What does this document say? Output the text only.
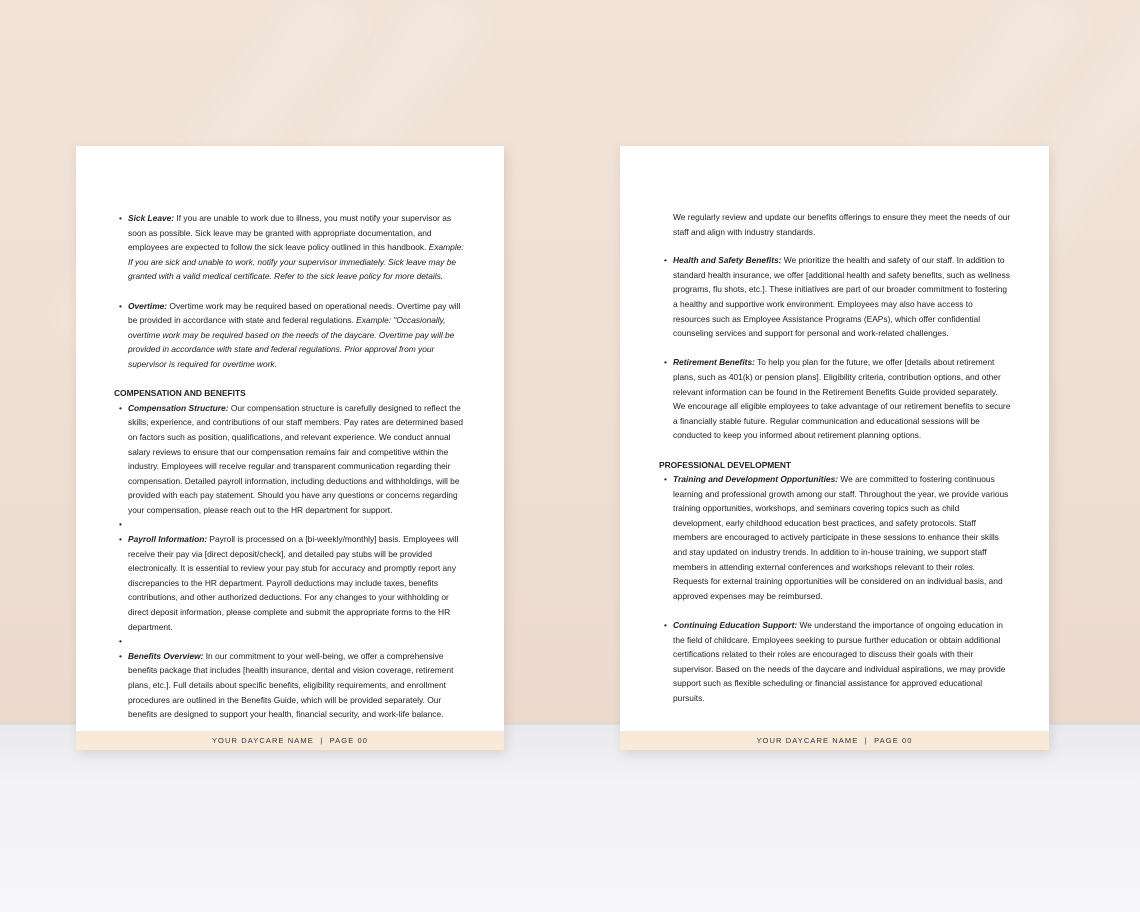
• Sick Leave: If you are unable to work due to illness, you must notify your supervisor as soon as possible. Sick leave may be granted with appropriate documentation, and employees are expected to follow the sick leave policy outlined in this handbook. Example: If you are sick and unable to work, notify your supervisor immediately. Sick leave may be granted with a valid medical certificate. Refer to the sick leave policy for more details.

• Overtime: Overtime work may be required based on operational needs. Overtime pay will be provided in accordance with state and federal regulations. Example: "Occasionally, overtime work may be required based on the needs of the daycare. Overtime pay will be provided in accordance with state and federal regulations. Prior approval from your supervisor is required for overtime work.

COMPENSATION AND BENEFITS

• Compensation Structure: Our compensation structure is carefully designed to reflect the skills, experience, and contributions of our staff members. Pay rates are determined based on factors such as position, qualifications, and relevant experience. We conduct annual salary reviews to ensure that our compensation remains fair and competitive within the industry. Employees will receive regular and transparent communication regarding their compensation. Detailed payroll information, including deductions and withholdings, will be provided with each pay statement. Should you have any questions or concerns regarding your compensation, please reach out to the HR department for support.

•

• Payroll Information: Payroll is processed on a [bi-weekly/monthly] basis. Employees will receive their pay via [direct deposit/check], and detailed pay stubs will be provided electronically. It is essential to review your pay stub for accuracy and promptly report any discrepancies to the HR department. Payroll deductions may include taxes, benefits contributions, and other authorized deductions. For any changes to your withholding or direct deposit information, please complete and submit the appropriate forms to the HR department.

•

• Benefits Overview: In our commitment to your well-being, we offer a comprehensive benefits package that includes [health insurance, dental and vision coverage, retirement plans, etc.]. Full details about specific benefits, eligibility requirements, and enrollment procedures are outlined in the Benefits Guide, which will be provided separately. Our benefits are designed to support your health, financial security, and work-life balance.

YOUR DAYCARE NAME  |  PAGE 00

We regularly review and update our benefits offerings to ensure they meet the needs of our staff and align with industry standards.

• Health and Safety Benefits: We prioritize the health and safety of our staff. In addition to standard health insurance, we offer [additional health and safety benefits, such as wellness programs, flu shots, etc.]. These initiatives are part of our broader commitment to fostering a healthy and supportive work environment. Employees may also have access to resources such as Employee Assistance Programs (EAPs), which offer confidential counseling services and support for personal and work-related challenges.

• Retirement Benefits: To help you plan for the future, we offer [details about retirement plans, such as 401(k) or pension plans]. Eligibility criteria, contribution options, and other relevant information can be found in the Retirement Benefits Guide provided separately. We encourage all eligible employees to take advantage of our retirement benefits to secure a financially stable future. Regular communication and educational sessions will be conducted to keep you informed about retirement planning options.

PROFESSIONAL DEVELOPMENT

• Training and Development Opportunities: We are committed to fostering continuous learning and professional growth among our staff. Throughout the year, we provide various training opportunities, workshops, and seminars covering topics such as child development, early childhood education best practices, and safety protocols. Staff members are encouraged to actively participate in these sessions to enhance their skills and stay updated on industry trends. In addition to in-house training, we support staff members in attending external conferences and workshops relevant to their roles. Requests for external training opportunities will be considered on an individual basis, and approved expenses may be reimbursed.

• Continuing Education Support: We understand the importance of ongoing education in the field of childcare. Employees seeking to pursue further education or obtain additional certifications related to their roles are encouraged to discuss their goals with their supervisor. Based on the needs of the daycare and individual aspirations, we may provide support such as flexible scheduling or financial assistance for approved educational pursuits.

YOUR DAYCARE NAME  |  PAGE 00
